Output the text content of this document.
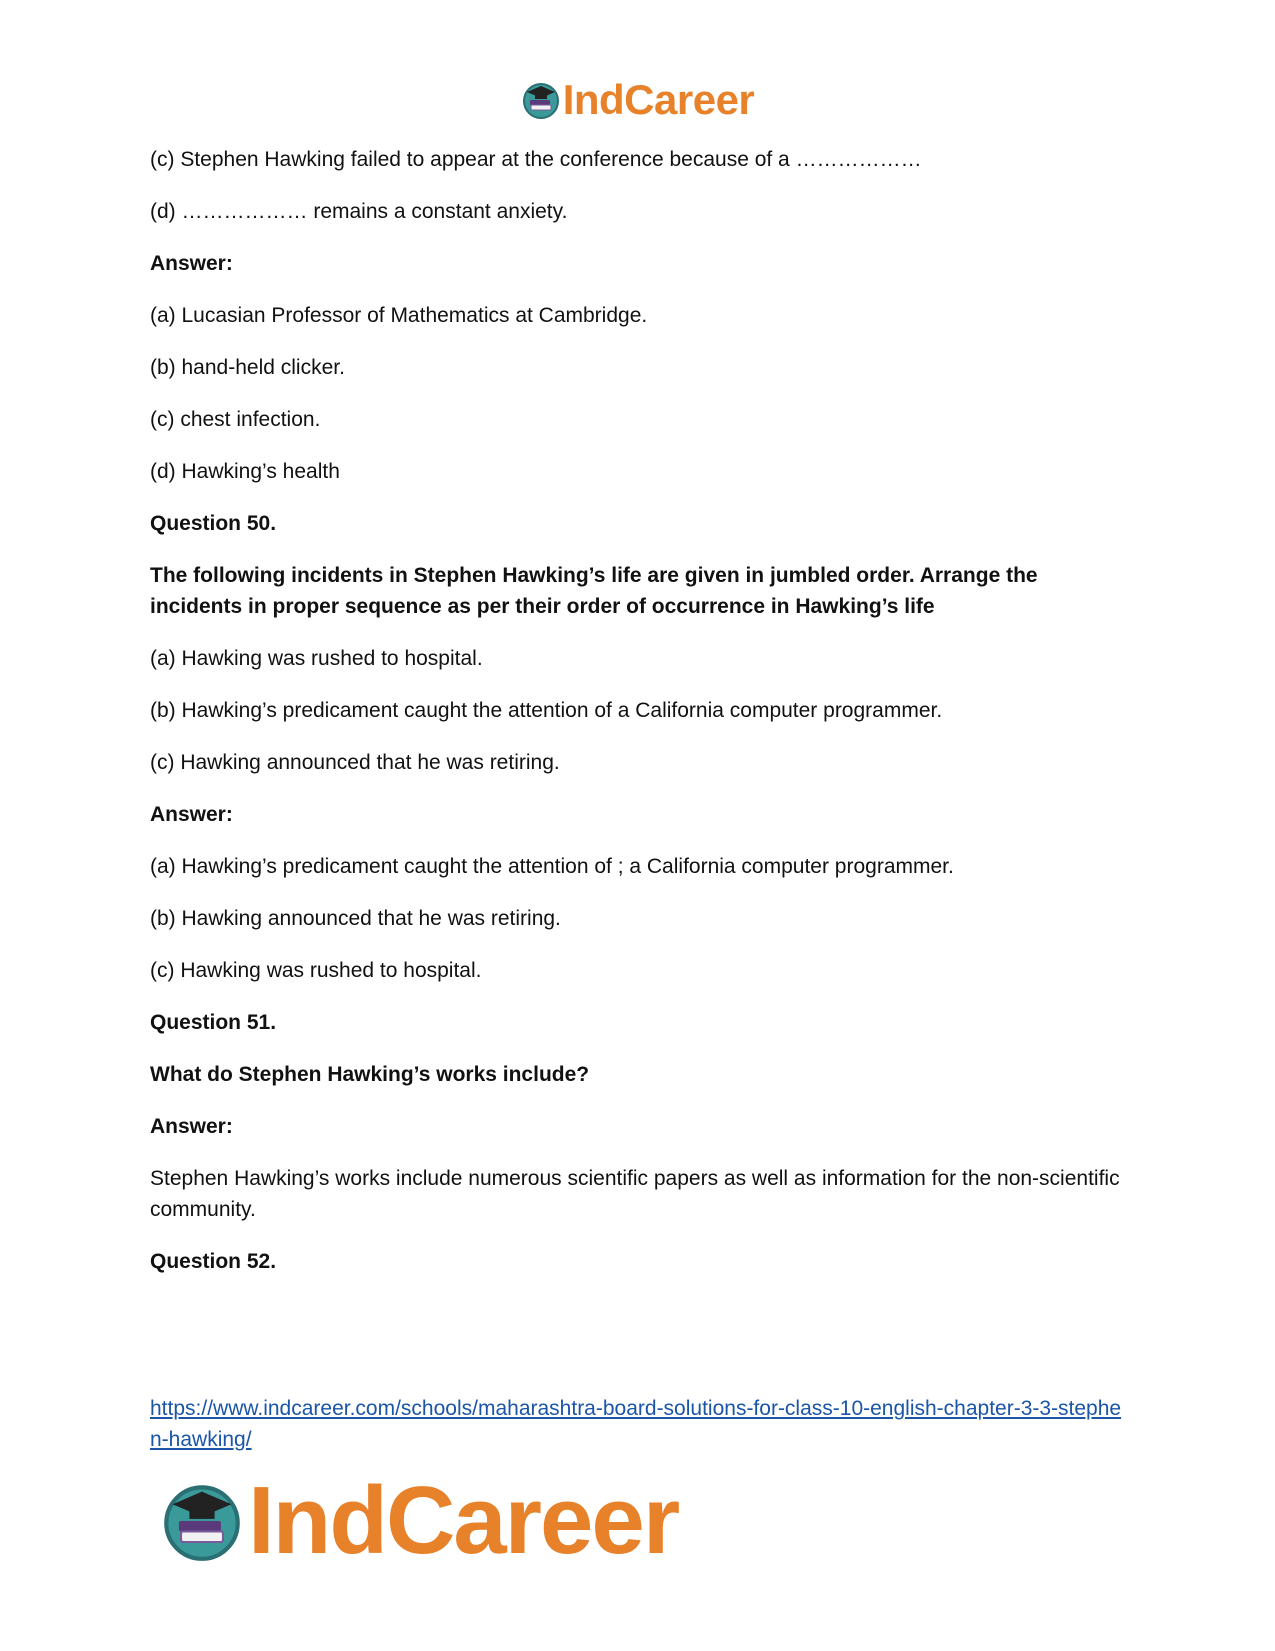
IndCareer

(c) Stephen Hawking failed to appear at the conference because of a ………………

(d) ……………… remains a constant anxiety.

Answer:

(a) Lucasian Professor of Mathematics at Cambridge.

(b) hand-held clicker.

(c) chest infection.

(d) Hawking’s health

Question 50.

The following incidents in Stephen Hawking’s life are given in jumbled order. Arrange the incidents in proper sequence as per their order of occurrence in Hawking’s life

(a) Hawking was rushed to hospital.

(b) Hawking’s predicament caught the attention of a California computer programmer.

(c) Hawking announced that he was retiring.

Answer:

(a) Hawking’s predicament caught the attention of ; a California computer programmer.

(b) Hawking announced that he was retiring.

(c) Hawking was rushed to hospital.

Question 51.

What do Stephen Hawking’s works include?

Answer:

Stephen Hawking’s works include numerous scientific papers as well as information for the non-scientific community.

Question 52.

https://www.indcareer.com/schools/maharashtra-board-solutions-for-class-10-english-chapter-3-3-stephen-hawking/
IndCareer
